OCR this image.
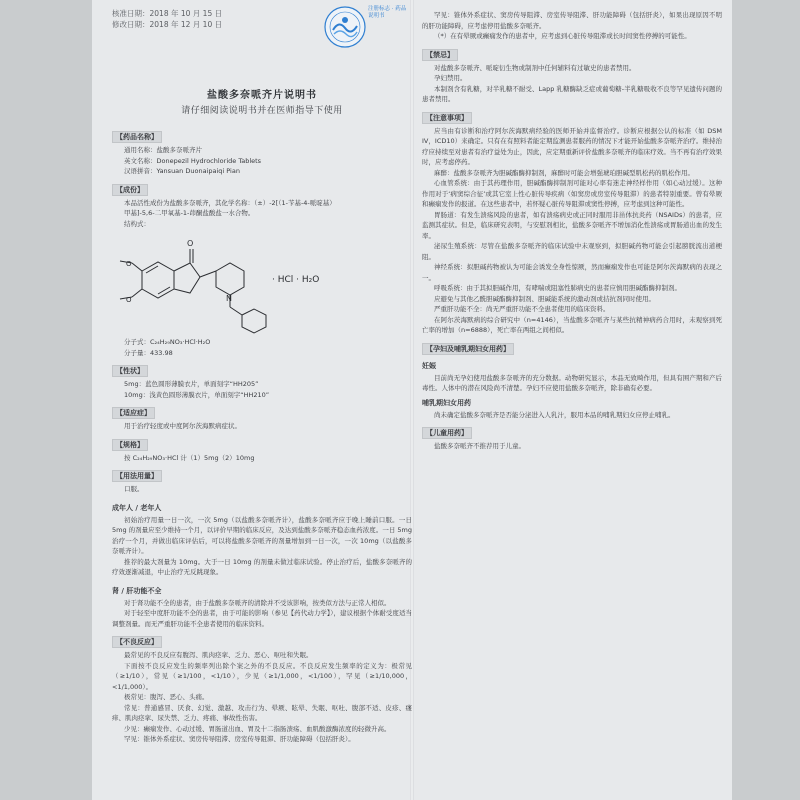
注册标志 · 药品说明书
核准日期：2018 年 10 月 15 日
修改日期：2018 年 12 月 10 日
盐酸多奈哌齐片说明书
请仔细阅读说明书并在医师指导下使用
【药品名称】
通用名称：盐酸多奈哌齐片
英文名称：Donepezil Hydrochloride Tablets
汉语拼音：Yansuan Duonaipaiqi Pian
【成份】
本品活性成份为盐酸多奈哌齐，其化学名称：（±）-2[（1-苄基-4-哌啶基）
甲基]-5,6-二甲氧基-1-茚酮盐酸盐一水合物。
结构式：
O
N
O
O
· HCl · H₂O
分子式：C₂₄H₂₉NO₃·HCl·H₂O
分子量：433.98
【性状】
5mg：蓝色圆形薄膜衣片，单面刻字“HH205”
10mg：浅黄色圆形薄膜衣片，单面刻字“HH210”
【适应症】
用于治疗轻度或中度阿尔茨海默病症状。
【规格】
按 C₂₄H₂₉NO₃·HCl 计（1）5mg（2）10mg
【用法用量】
口服。
成年人 / 老年人

初始治疗用量一日一次，一次 5mg（以盐酸多奈哌齐计），盐酸多奈哌齐应于晚上睡前口服。一日 5mg 的剂量应至少维持一个月，以评价早期的临床反应，及达到盐酸多奈哌齐稳态血药浓度。一日 5mg 治疗一个月，并做出临床评估后，可以将盐酸多奈哌齐的剂量增加到一日一次，一次 10mg（以盐酸多奈哌齐计）。

推荐的最大剂量为 10mg。大于一日 10mg 的剂量未做过临床试验。停止治疗后，盐酸多奈哌齐的疗效逐渐减退，中止治疗无反跳现象。

肾 / 肝功能不全

对于肾功能不全的患者，由于盐酸多奈哌齐的清除并不受该影响，按类似方法与正常人相似。

对于轻至中度肝功能不全的患者，由于可能的影响（参见【药代动力学】），建议根据个体耐受度适当调整剂量。而无严重肝功能不全患者使用的临床资料。

【不良反应】

最常见的不良反应有腹泻、肌肉痉挛、乏力、恶心、呕吐和失眠。

下面按不良反应发生的频率列出除个案之外的不良反应。不良反应发生频率的定义为：极常见（≥1/10），常见（≥1/100，<1/10），少见（≥1/1,000，<1/100），罕见（≥1/10,000，<1/1,000）。

极常见：腹泻、恶心、头痛。

常见：普通感冒、厌食、幻觉、激越、攻击行为、晕厥、眩晕、失眠、呕吐、腹部不适、皮疹、瘙痒、肌肉痉挛、尿失禁、乏力、疼痛、事故性伤害。

少见：癫痫发作、心动过缓、胃肠道出血、胃及十二指肠溃疡、血肌酸激酶浓度的轻微升高。

罕见：锥体外系症状、窦房传导阻滞、房室传导阻滞、肝功能障碍（包括肝炎）。

罕见：锥体外系症状、窦房传导阻滞、房室传导阻滞、肝功能障碍（包括肝炎），如果出现原因不明的肝功能障碍，应考虑停用盐酸多奈哌齐。

（*）在有晕厥或癫痫发作的患者中，应考虑到心脏传导阻滞或长时间窦性停搏的可能性。

【禁忌】

对盐酸多奈哌齐、哌啶衍生物或制剂中任何辅料有过敏史的患者禁用。

孕妇禁用。

本制剂含有乳糖，对半乳糖不耐受、Lapp 乳糖酶缺乏症或葡萄糖-半乳糖吸收不良等罕见遗传问题的患者禁用。

【注意事项】

应当由有诊断和治疗阿尔茨海默病经验的医师开始并监督治疗。诊断应根据公认的标准（如 DSM IV，ICD10）来确定。只有在有照料者能定期监测患者服药的情况下才能开始盐酸多奈哌齐治疗。维持治疗应持续至对患者有治疗益处为止，因此，应定期重新评价盐酸多奈哌齐的临床疗效。当不再有治疗效果时，应考虑停药。

麻醉：盐酸多奈哌齐为胆碱酯酶抑制剂，麻醉时可能会增强琥珀胆碱型肌松药的肌松作用。

心血管系统：由于其药理作用，胆碱酯酶抑制剂可能对心率有迷走神经样作用（如心动过缓）。这种作用对于‘病窦综合征’或其它室上性心脏传导疾病（如窦房或房室传导阻滞）的患者特别重要。曾有晕厥和癫痫发作的报道。在这些患者中，若怀疑心脏传导阻滞或窦性停搏，应考虑到这种可能性。

胃肠道：有发生溃疡风险的患者，如有溃疡病史或正同时服用非甾体抗炎药（NSAIDs）的患者，应监测其症状。但是，临床研究表明，与安慰剂相比，盐酸多奈哌齐不增加消化性溃疡或胃肠道出血的发生率。

泌尿生殖系统：尽管在盐酸多奈哌齐的临床试验中未观察到，拟胆碱药物可能会引起膀胱流出道梗阻。

神经系统：拟胆碱药物被认为可能会诱发全身性惊厥，然而癫痫发作也可能是阿尔茨海默病的表现之一。

呼吸系统：由于其拟胆碱作用，有哮喘或阻塞性肺病史的患者应慎用胆碱酯酶抑制剂。

应避免与其他乙酰胆碱酯酶抑制剂、胆碱能系统的激动剂或拮抗剂同时使用。

严重肝功能不全：尚无严重肝功能不全患者使用的临床资料。

在阿尔茨海默病的综合研究中（n=4146），当盐酸多奈哌齐与某些抗精神病药合用时，未观察到死亡率的增加（n=6888），死亡率在两组之间相似。

【孕妇及哺乳期妇女用药】
妊娠

目前尚无孕妇使用盐酸多奈哌齐的充分数据。动物研究显示，本品无致畸作用，但具有围产期和产后毒性。人体中的潜在风险尚不清楚。孕妇不应使用盐酸多奈哌齐，除非确有必要。

哺乳期妇女用药

尚未确定盐酸多奈哌齐是否能分泌进入人乳汁，服用本品的哺乳期妇女应停止哺乳。

【儿童用药】

盐酸多奈哌齐不推荐用于儿童。
